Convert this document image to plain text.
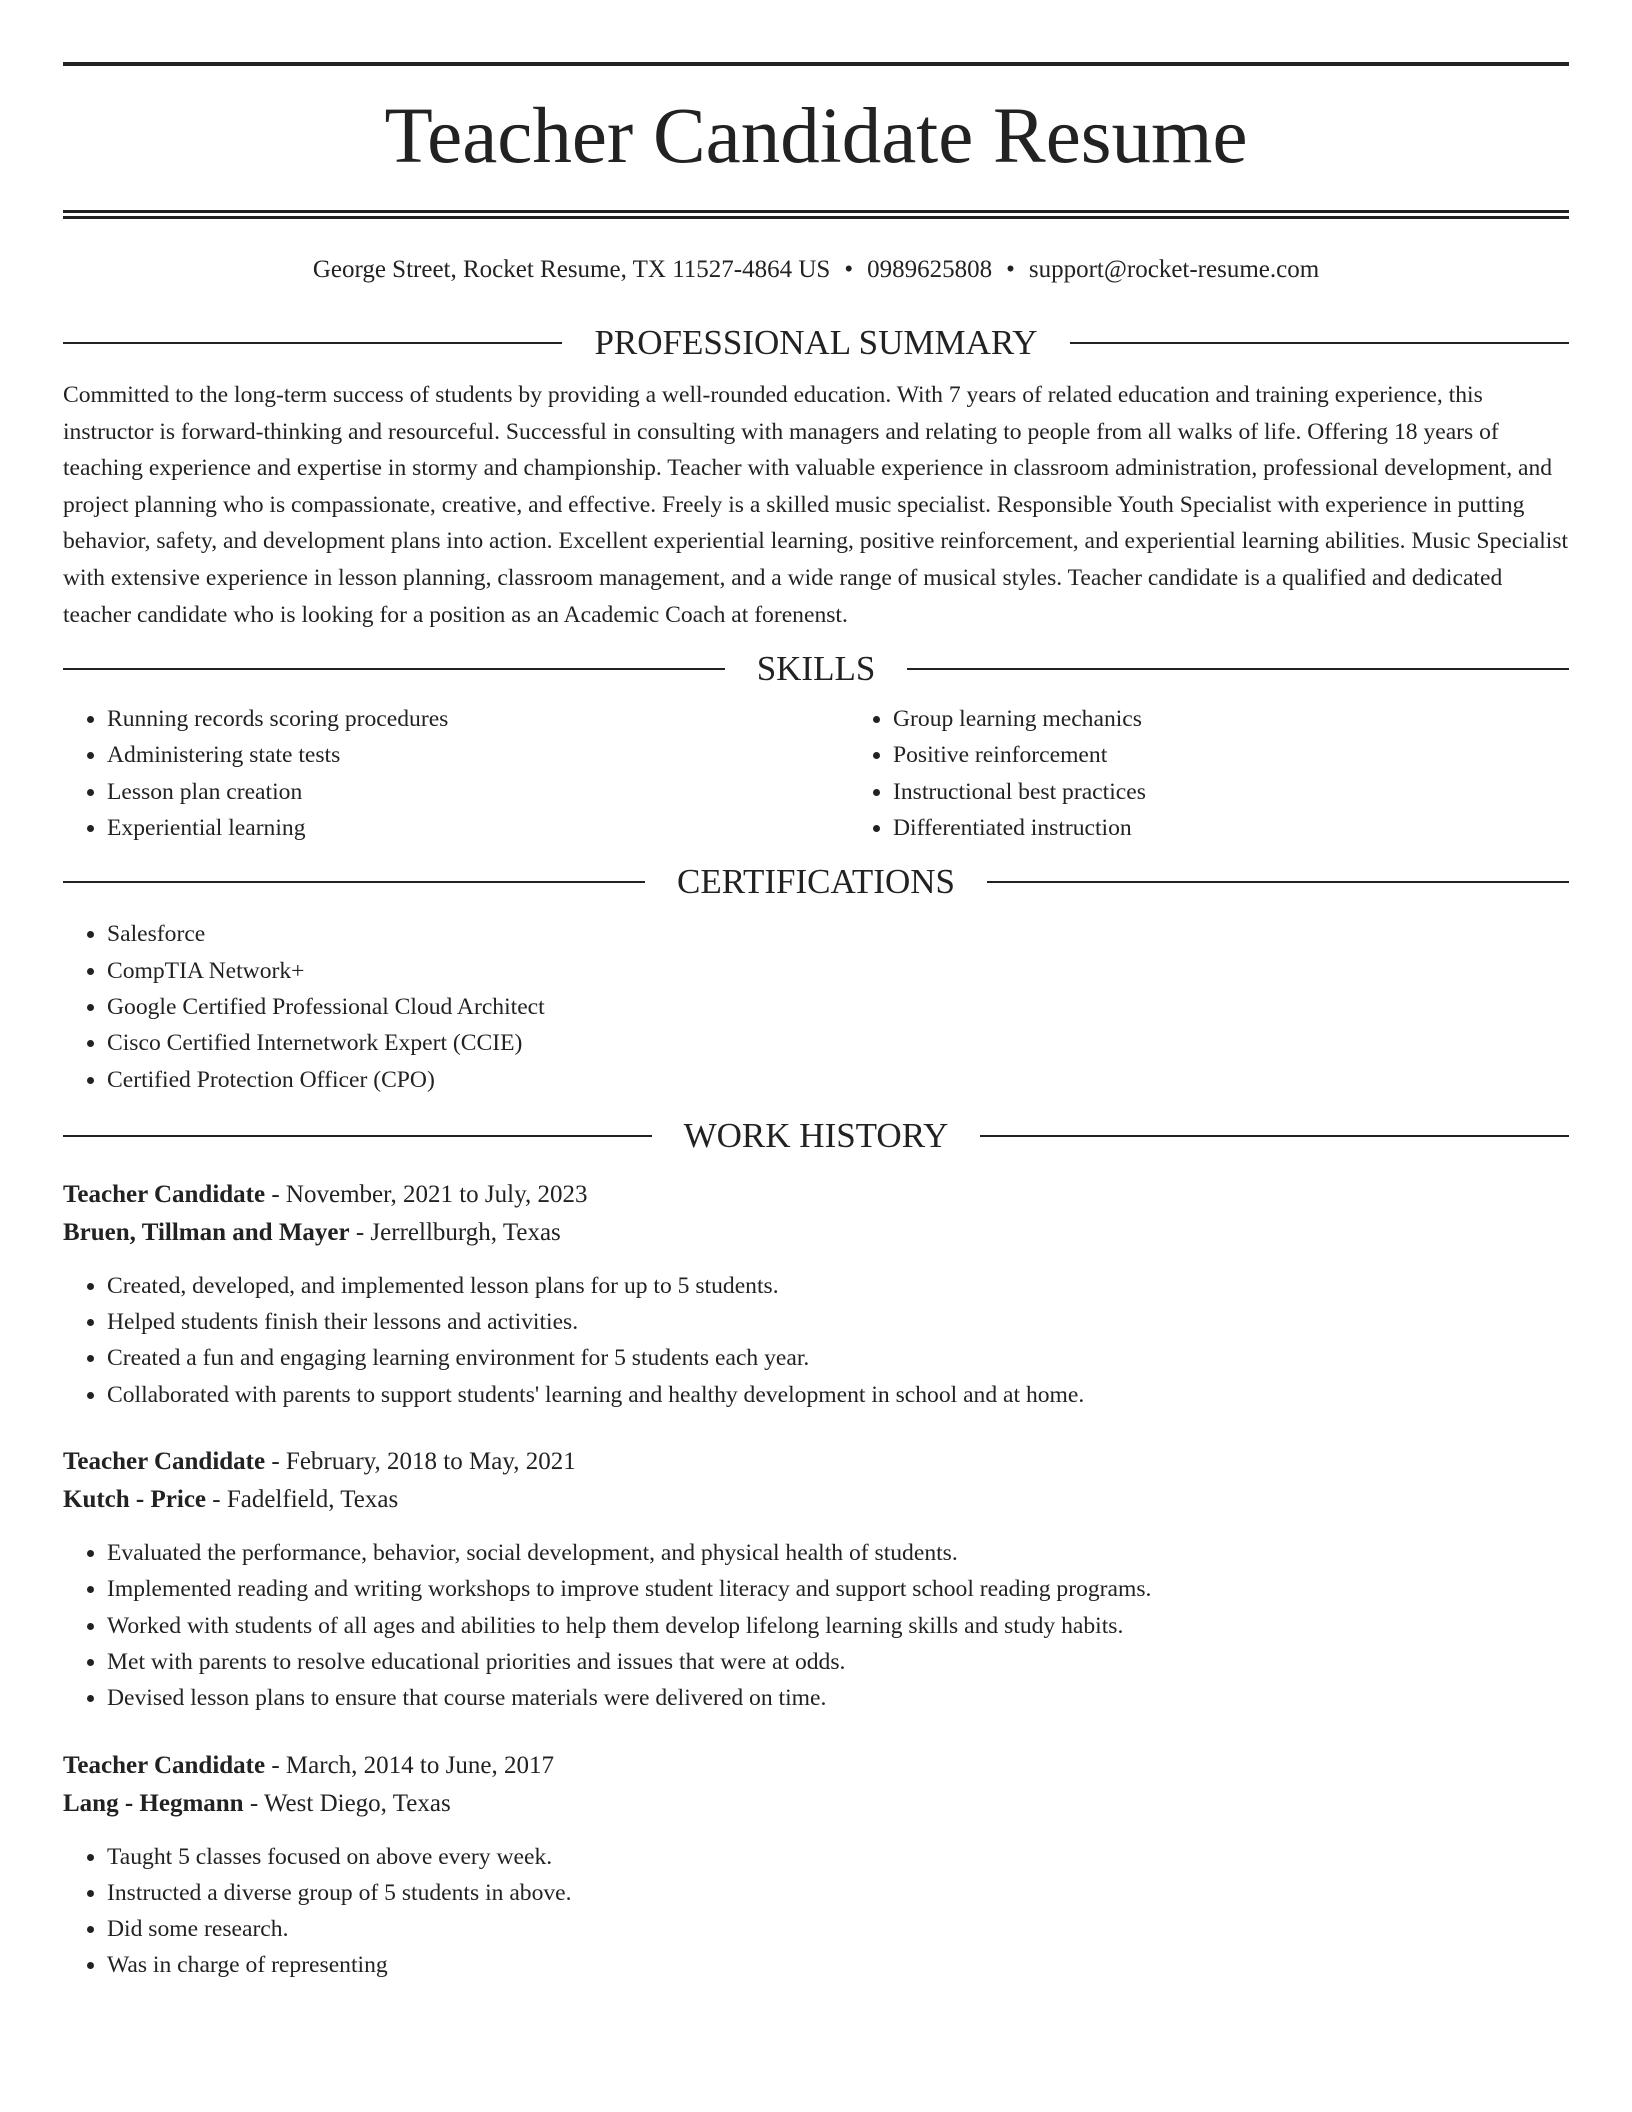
Teacher Candidate Resume
George Street, Rocket Resume, TX 11527-4864 US • 0989625808 • support@rocket-resume.com
PROFESSIONAL SUMMARY

Committed to the long-term success of students by providing a well-rounded education. With 7 years of related education and training experience, this instructor is forward-thinking and resourceful. Successful in consulting with managers and relating to people from all walks of life. Offering 18 years of teaching experience and expertise in stormy and championship. Teacher with valuable experience in classroom administration, professional development, and project planning who is compassionate, creative, and effective. Freely is a skilled music specialist. Responsible Youth Specialist with experience in putting behavior, safety, and development plans into action. Excellent experiential learning, positive reinforcement, and experiential learning abilities. Music Specialist with extensive experience in lesson planning, classroom management, and a wide range of musical styles. Teacher candidate is a qualified and dedicated teacher candidate who is looking for a position as an Academic Coach at forenenst.

SKILLS
• Running records scoring procedures
• Administering state tests
• Lesson plan creation
• Experiential learning
• Group learning mechanics
• Positive reinforcement
• Instructional best practices
• Differentiated instruction
CERTIFICATIONS
• Salesforce
• CompTIA Network+
• Google Certified Professional Cloud Architect
• Cisco Certified Internetwork Expert (CCIE)
• Certified Protection Officer (CPO)
WORK HISTORY
Teacher Candidate - November, 2021 to July, 2023
Bruen, Tillman and Mayer - Jerrellburgh, Texas
• Created, developed, and implemented lesson plans for up to 5 students.
• Helped students finish their lessons and activities.
• Created a fun and engaging learning environment for 5 students each year.
• Collaborated with parents to support students' learning and healthy development in school and at home.
Teacher Candidate - February, 2018 to May, 2021
Kutch - Price - Fadelfield, Texas
• Evaluated the performance, behavior, social development, and physical health of students.
• Implemented reading and writing workshops to improve student literacy and support school reading programs.
• Worked with students of all ages and abilities to help them develop lifelong learning skills and study habits.
• Met with parents to resolve educational priorities and issues that were at odds.
• Devised lesson plans to ensure that course materials were delivered on time.
Teacher Candidate - March, 2014 to June, 2017
Lang - Hegmann - West Diego, Texas
• Taught 5 classes focused on above every week.
• Instructed a diverse group of 5 students in above.
• Did some research.
• Was in charge of representing
